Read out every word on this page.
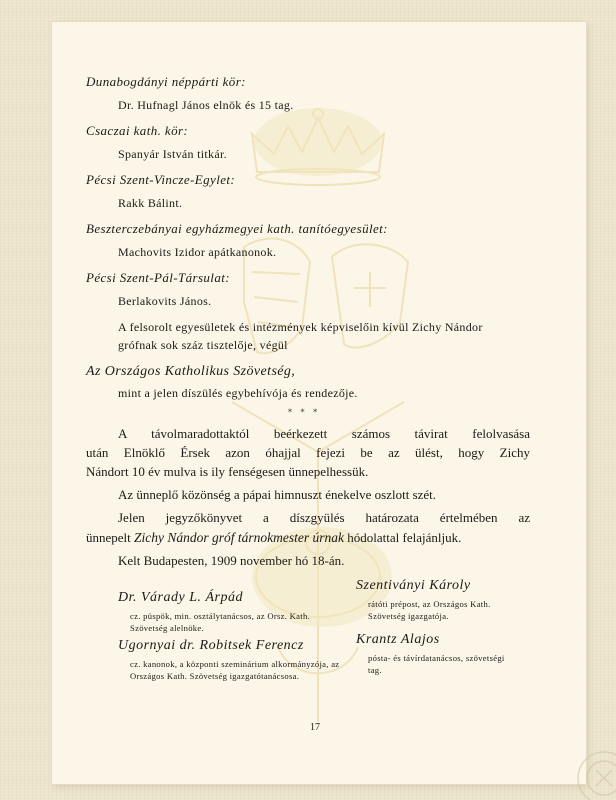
Dunabogdányi néppárti kör:
Dr. Hufnagl János elnök és 15 tag.
Csaczai kath. kör:
Spanyár István titkár.
Pécsi Szent-Vincze-Egylet:
Rakk Bálint.
Beszterczebányai egyházmegyei kath. tanítóegyesület:
Machovits Izidor apátkanonok.
Pécsi Szent-Pál-Társulat:
Berlakovits János.
A felsorolt egyesületek és intézmények képviselőin kívül Zichy Nándor
grófnak sok száz tisztelője, végül
Az Országos Katholikus Szövetség,
mint a jelen díszülés egybehívója és rendezője.
* * *
A távolmaradottaktól beérkezett számos távirat felolvasása
után Elnöklő Érsek azon óhajjal fejezi be az ülést, hogy Zichy
Nándort 10 év mulva is ily fenségesen ünnepelhessük.
Az ünneplő közönség a pápai himnuszt énekelve oszlott szét.
Jelen jegyzőkönyvet a díszgyülés határozata értelmében az
ünnepelt Zichy Nándor gróf tárnokmester úrnak hódolattal felajánljuk.
Kelt Budapesten, 1909 november hó 18-án.
Dr. Várady L. Árpád
cz. püspök, min. osztálytanácsos, az Orsz. Kath. Szövetség alelnöke.
Szentiványi Károly
rátóti prépost, az Országos Kath. Szövetség igazgatója.
Ugornyai dr. Robitsek Ferencz
cz. kanonok, a központi szeminárium alkormányzója, az Országos Kath. Szövetség igazgatótanácsosa.
Krantz Alajos
pósta- és távírdatanácsos, szövetségi tag.
17
